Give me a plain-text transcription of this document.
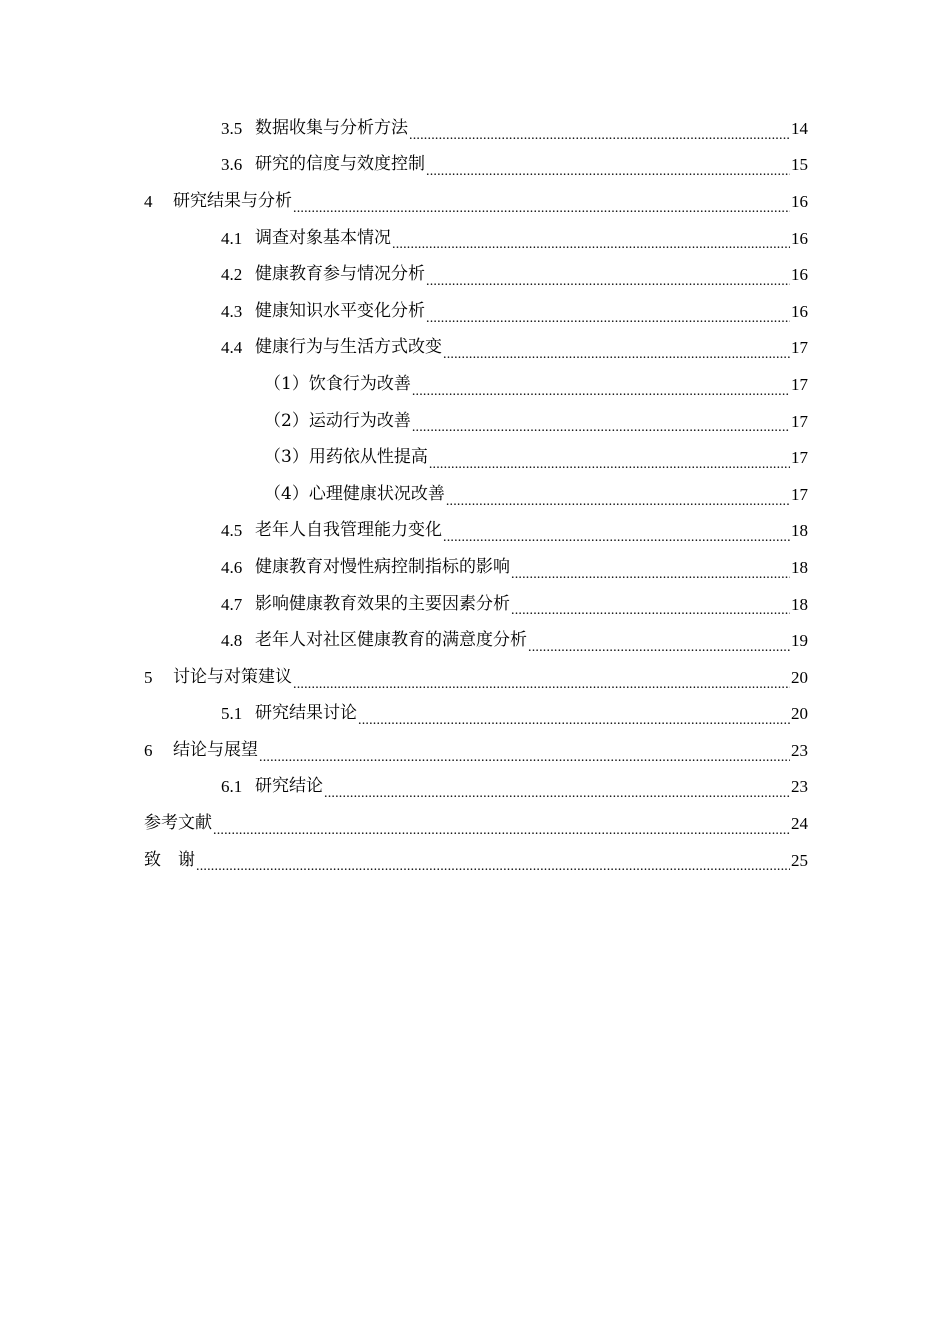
3.5 数据收集与分析方法 .....	14
3.6 研究的信度与效度控制 .....	15
4	研究结果与分析 .....	16
4.1 调查对象基本情况 .....	16
4.2 健康教育参与情况分析 .....	16
4.3 健康知识水平变化分析 .....	16
4.4 健康行为与生活方式改变 .....	17
（1）饮食行为改善 .....	17
（2）运动行为改善 .....	17
（3）用药依从性提高 .....	17
（4）心理健康状况改善 .....	17
4.5 老年人自我管理能力变化 .....	18
4.6 健康教育对慢性病控制指标的影响 .....	18
4.7 影响健康教育效果的主要因素分析 .....	18
4.8 老年人对社区健康教育的满意度分析 .....	19
5	讨论与对策建议 .....	20
5.1 研究结果讨论 .....	20
6	结论与展望 .....	23
6.1 研究结论 .....	23
参考文献 .....	24
致　谢 .....	25
